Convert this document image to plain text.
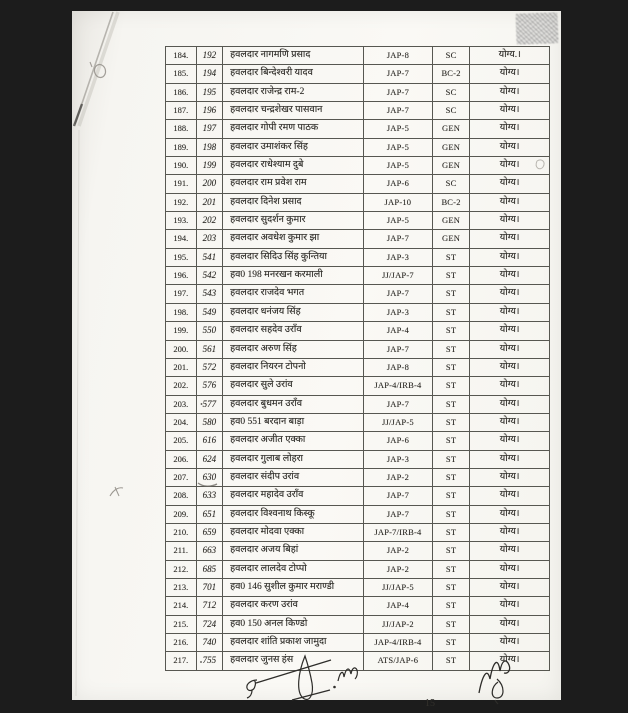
184.	192	हवलदार नागमणि प्रसाद	JAP-8	SC	योग्य.।
185.	194	हवलदार बिन्देश्वरी यादव	JAP-7	BC-2	योग्य।
186.	195	हवलदार राजेन्द्र राम-2	JAP-7	SC	योग्य।
187.	196	हवलदार चन्द्रशेखर पासवान	JAP-7	SC	योग्य।
188.	197	हवलदार गोपी रमण पाठक	JAP-5	GEN	योग्य।
189.	198	हवलदार उमाशंकर सिंह	JAP-5	GEN	योग्य।
190.	199	हवलदार राधेश्याम दुबे	JAP-5	GEN	योग्य।
191.	200	हवलदार राम प्रवेश राम	JAP-6	SC	योग्य।
192.	201	हवलदार दिनेश प्रसाद	JAP-10	BC-2	योग्य।
193.	202	हवलदार सुदर्शन कुमार	JAP-5	GEN	योग्य।
194.	203	हवलदार अवधेश कुमार झा	JAP-7	GEN	योग्य।
195.	541	हवलदार सिदिउ सिंह कुन्तिया	JAP-3	ST	योग्य।
196.	542	हव0 198 मनरखन करमाली	JJ/JAP-7	ST	योग्य।
197.	543	हवलदार राजदेव भगत	JAP-7	ST	योग्य।
198.	549	हवलदार धनंजय सिंह	JAP-3	ST	योग्य।
199.	550	हवलदार सहदेव उराँव	JAP-4	ST	योग्य।
200.	561	हवलदार अरुण सिंह	JAP-7	ST	योग्य।
201.	572	हवलदार नियरन टोपनो	JAP-8	ST	योग्य।
202.	576	हवलदार सुले उरांव	JAP-4/IRB-4	ST	योग्य।
203.	577	हवलदार बुधमन उराँव	JAP-7	ST	योग्य।
204.	580	हव0 551 बरदान बाड़ा	JJ/JAP-5	ST	योग्य।
205.	616	हवलदार अजीत एक्का	JAP-6	ST	योग्य।
206.	624	हवलदार गुलाब लोहरा	JAP-3	ST	योग्य।
207.	630	हवलदार संदीप उरांव	JAP-2	ST	योग्य।
208.	633	हवलदार महादेव उराँव	JAP-7	ST	योग्य।
209.	651	हवलदार विश्वनाथ किस्कू	JAP-7	ST	योग्य।
210.	659	हवलदार मोदवा एक्का	JAP-7/IRB-4	ST	योग्य।
211.	663	हवलदार अजय बिहां	JAP-2	ST	योग्य।
212.	685	हवलदार लालदेव टोप्पो	JAP-2	ST	योग्य।
213.	701	हव0 146 सुशील कुमार मराण्डी	JJ/JAP-5	ST	योग्य।
214.	712	हवलदार करण उरांव	JAP-4	ST	योग्य।
215.	724	हव0 150 अनल किण्डो	JJ/JAP-2	ST	योग्य।
216.	740	हवलदार शांति प्रकाश जामुदा	JAP-4/IRB-4	ST	योग्य।
217.	755	हवलदार जुनस हंस	ATS/JAP-6	ST	योग्य।
15
